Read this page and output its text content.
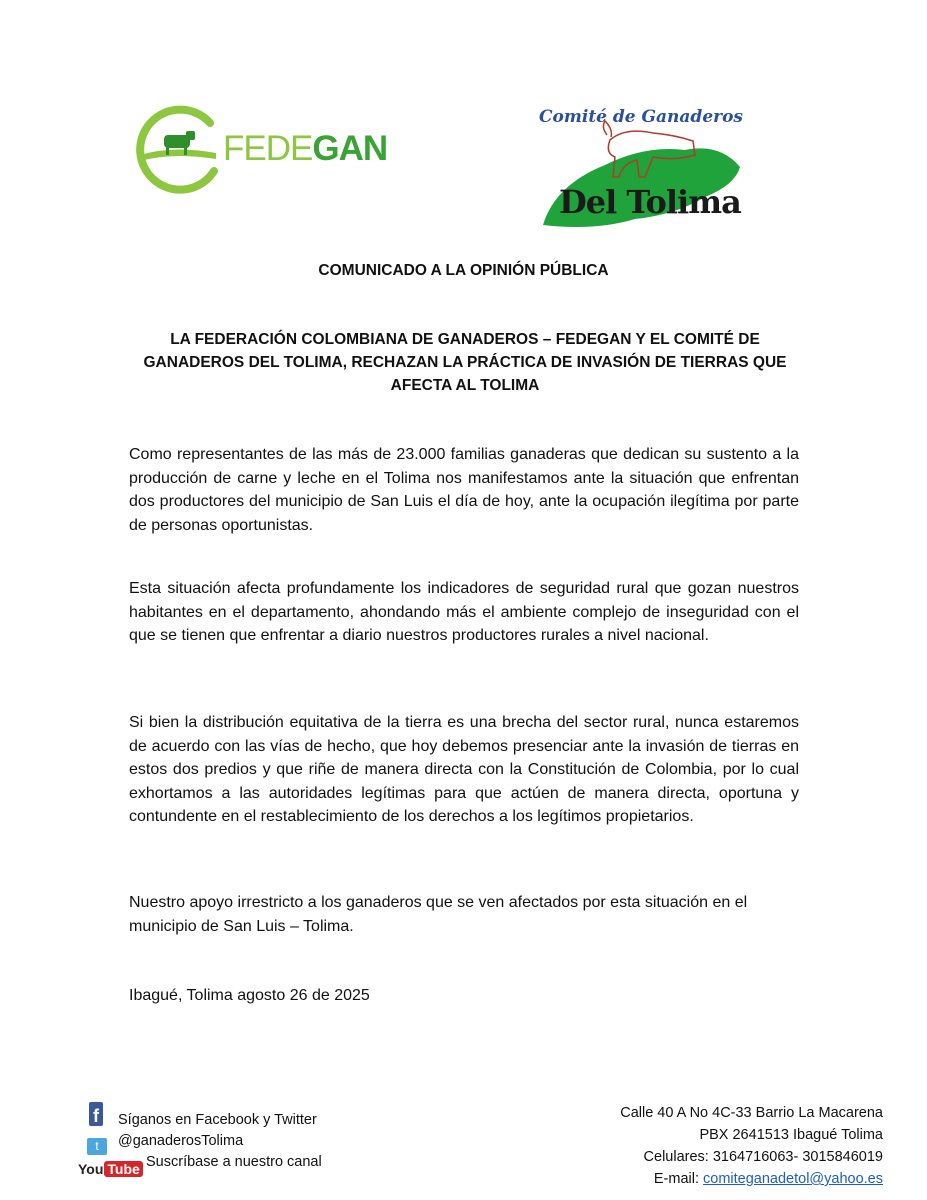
FEDEGAN
Comité de Ganaderos
Del Tolima
COMUNICADO A LA OPINIÓN PÚBLICA
LA FEDERACIÓN COLOMBIANA DE GANADEROS – FEDEGAN Y EL COMITÉ DE GANADEROS DEL TOLIMA, RECHAZAN LA PRÁCTICA DE INVASIÓN DE TIERRAS QUE AFECTA AL TOLIMA
Como representantes de las más de 23.000 familias ganaderas que dedican su sustento a la producción de carne y leche en el Tolima nos manifestamos ante la situación que enfrentan dos productores del municipio de San Luis el día de hoy, ante la ocupación ilegítima por parte de personas oportunistas.
Esta situación afecta profundamente los indicadores de seguridad rural que gozan nuestros habitantes en el departamento, ahondando más el ambiente complejo de inseguridad con el que se tienen que enfrentar a diario nuestros productores rurales a nivel nacional.
Si bien la distribución equitativa de la tierra es una brecha del sector rural, nunca estaremos de acuerdo con las vías de hecho, que hoy debemos presenciar ante la invasión de tierras en estos dos predios y que riñe de manera directa con la Constitución de Colombia, por lo cual exhortamos a las autoridades legítimas para que actúen de manera directa, oportuna y contundente en el restablecimiento de los derechos a los legítimos propietarios.
Nuestro apoyo irrestricto a los ganaderos que se ven afectados por esta situación en el municipio de San Luis – Tolima.
Ibagué, Tolima agosto 26 de 2025
f Síganos en Facebook y Twitter
t	@ganaderosTolima
You Tube Suscríbase a nuestro canal
Calle 40 A No 4C-33 Barrio La Macarena
PBX 2641513 Ibagué Tolima
Celulares: 3164716063- 3015846019
E-mail: comiteganadetol@yahoo.es
